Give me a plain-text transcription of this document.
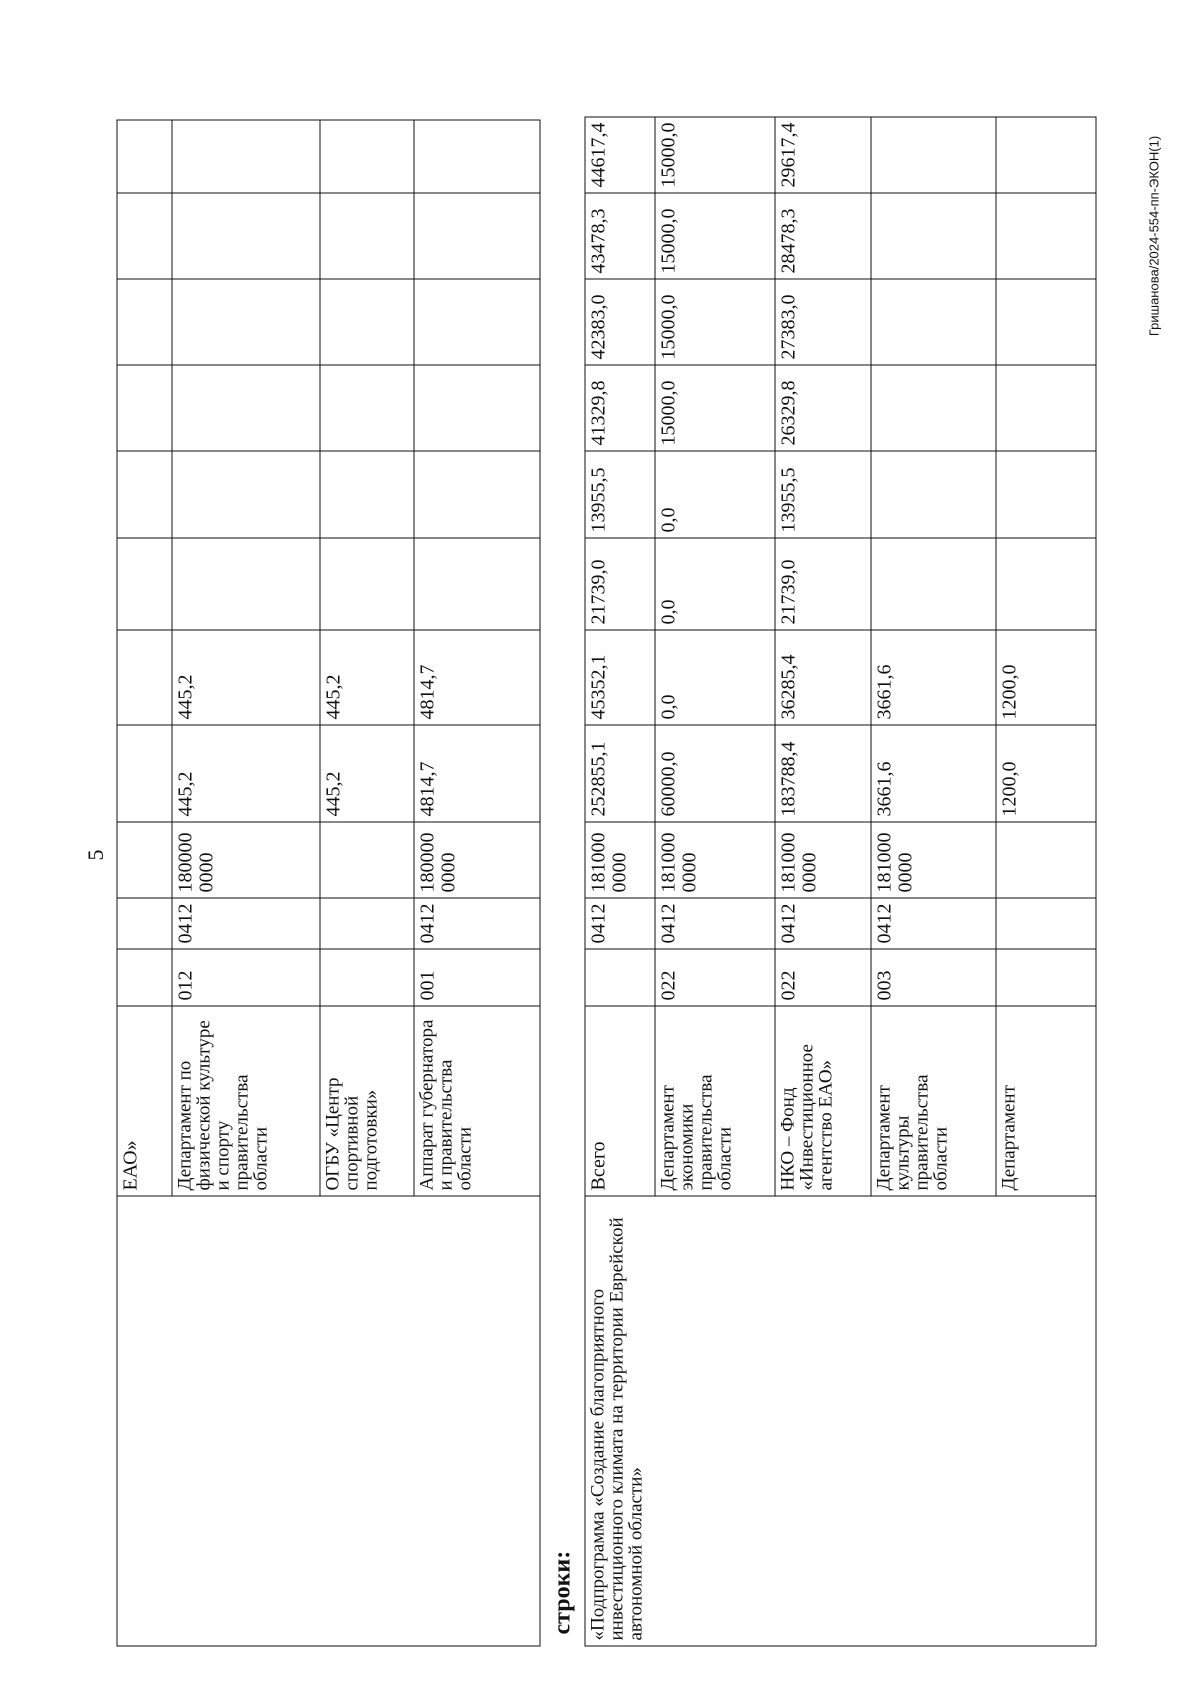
5
Гришанова/2024-554-пп-ЭКОН(1)
	ЕАО»											
	Департамент по физической культуре и спорту правительства области	012	0412	180000 0000	445,2	445,2						
	ОГБУ «Центр спортивной подготовки»				445,2	445,2						
	Аппарат губернатора и правительства области	001	0412	180000 0000	4814,7	4814,7						
строки: «Подпрограмма «Создание благоприятного инвестиционного климата на территории Еврейской автономной области»	Всего		0412	181000 0000	252855,1	45352,1	21739,0	13955,5	41329,8	42383,0	43478,3	44617,4
	Департамент экономики правительства области	022	0412	181000 0000	60000,0	0,0	0,0	0,0	15000,0	15000,0	15000,0	15000,0
	НКО – Фонд «Инвестиционное агентство ЕАО»	022	0412	181000 0000	183788,4	36285,4	21739,0	13955,5	26329,8	27383,0	28478,3	29617,4
	Департамент культуры правительства области	003	0412	181000 0000	3661,6	3661,6						
	Департамент				1200,0	1200,0						
